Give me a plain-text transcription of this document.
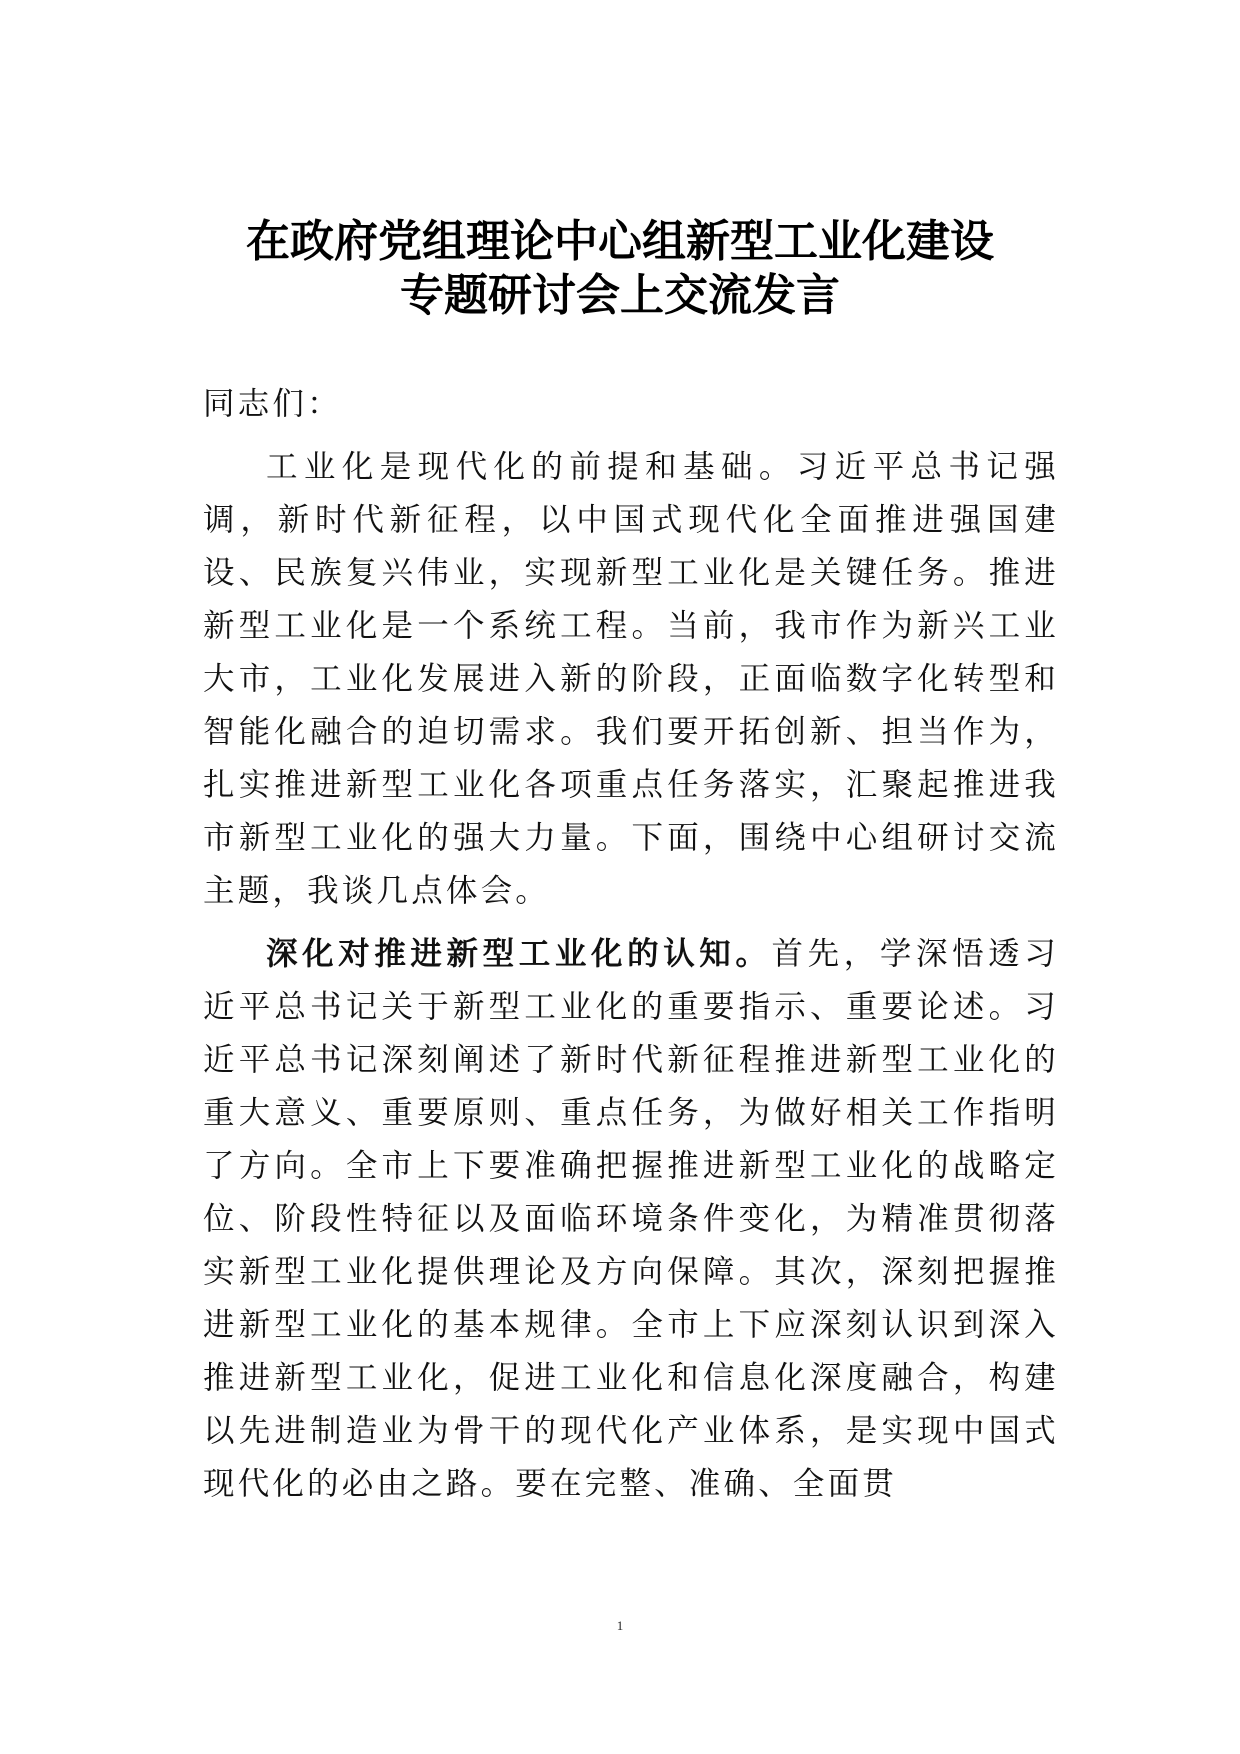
在政府党组理论中心组新型工业化建设
专题研讨会上交流发言
同志们：

工业化是现代化的前提和基础。习近平总书记强调，新时代新征程，以中国式现代化全面推进强国建设、民族复兴伟业，实现新型工业化是关键任务。推进新型工业化是一个系统工程。当前，我市作为新兴工业大市，工业化发展进入新的阶段，正面临数字化转型和智能化融合的迫切需求。我们要开拓创新、担当作为，扎实推进新型工业化各项重点任务落实，汇聚起推进我市新型工业化的强大力量。下面，围绕中心组研讨交流主题，我谈几点体会。

深化对推进新型工业化的认知。首先，学深悟透习近平总书记关于新型工业化的重要指示、重要论述。习近平总书记深刻阐述了新时代新征程推进新型工业化的重大意义、重要原则、重点任务，为做好相关工作指明了方向。全市上下要准确把握推进新型工业化的战略定位、阶段性特征以及面临环境条件变化，为精准贯彻落实新型工业化提供理论及方向保障。其次，深刻把握推进新型工业化的基本规律。全市上下应深刻认识到深入推进新型工业化，促进工业化和信息化深度融合，构建以先进制造业为骨干的现代化产业体系，是实现中国式现代化的必由之路。要在完整、准确、全面贯

1
